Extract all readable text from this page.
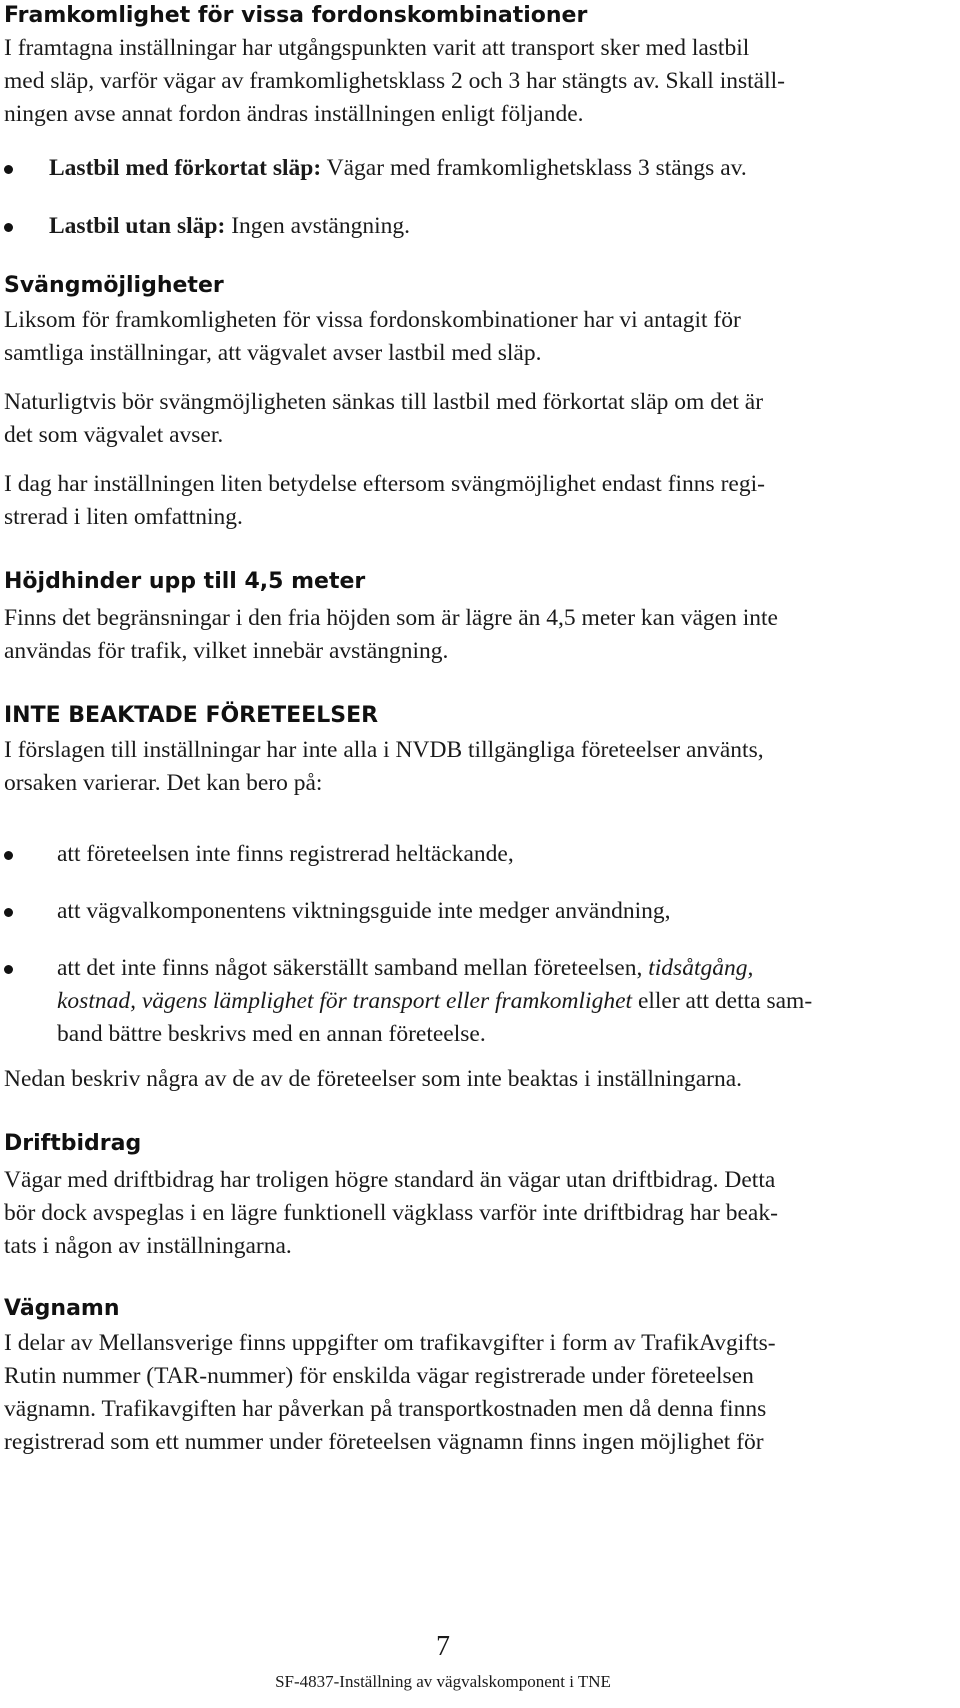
Framkomlighet för vissa fordonskombinationer
I framtagna inställningar har utgångspunkten varit att transport sker med lastbil
med släp, varför vägar av framkomlighetsklass 2 och 3 har stängts av. Skall inställ-
ningen avse annat fordon ändras inställningen enligt följande.
Lastbil med förkortat släp: Vägar med framkomlighetsklass 3 stängs av.
Lastbil utan släp: Ingen avstängning.
Svängmöjligheter
Liksom för framkomligheten för vissa fordonskombinationer har vi antagit för
samtliga inställningar, att vägvalet avser lastbil med släp.
Naturligtvis bör svängmöjligheten sänkas till lastbil med förkortat släp om det är
det som vägvalet avser.
I dag har inställningen liten betydelse eftersom svängmöjlighet endast finns regi-
strerad i liten omfattning.
Höjdhinder upp till 4,5 meter
Finns det begränsningar i den fria höjden som är lägre än 4,5 meter kan vägen inte
användas för trafik, vilket innebär avstängning.
INTE BEAKTADE FÖRETEELSER
I förslagen till inställningar har inte alla i NVDB tillgängliga företeelser använts,
orsaken varierar. Det kan bero på:
att företeelsen inte finns registrerad heltäckande,
att vägvalkomponentens viktningsguide inte medger användning,
att det inte finns något säkerställt samband mellan företeelsen, tidsåtgång,
kostnad, vägens lämplighet för transport eller framkomlighet eller att detta sam-
band bättre beskrivs med en annan företeelse.
Nedan beskriv några av de av de företeelser som inte beaktas i inställningarna.
Driftbidrag
Vägar med driftbidrag har troligen högre standard än vägar utan driftbidrag. Detta
bör dock avspeglas i en lägre funktionell vägklass varför inte driftbidrag har beak-
tats i någon av inställningarna.
Vägnamn
I delar av Mellansverige finns uppgifter om trafikavgifter i form av TrafikAvgifts-
Rutin nummer (TAR-nummer) för enskilda vägar registrerade under företeelsen
vägnamn. Trafikavgiften har påverkan på transportkostnaden men då denna finns
registrerad som ett nummer under företeelsen vägnamn finns ingen möjlighet för
7
SF-4837-Inställning av vägvalskomponent i TNE
